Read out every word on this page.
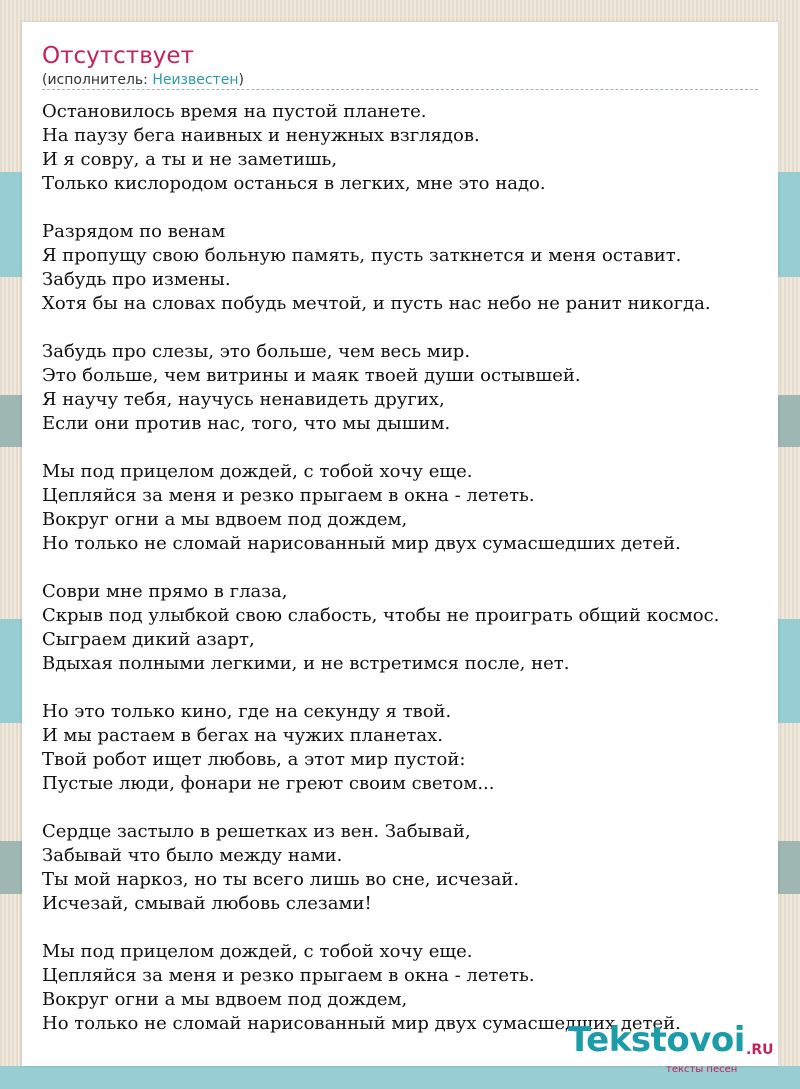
Отсутствует
(исполнитель: Неизвестен)
Остановилось время на пустой планете.
На паузу бега наивных и ненужных взглядов.
И я совру, а ты и не заметишь,
Только кислородом останься в легких, мне это надо.
Разрядом по венам
Я пропущу свою больную память, пусть заткнется и меня оставит.
Забудь про измены.
Хотя бы на словах побудь мечтой, и пусть нас небо не ранит никогда.
Забудь про слезы, это больше, чем весь мир.
Это больше, чем витрины и маяк твоей души остывшей.
Я научу тебя, научусь ненавидеть других,
Если они против нас, того, что мы дышим.
Мы под прицелом дождей, с тобой хочу еще.
Цепляйся за меня и резко прыгаем в окна - лететь.
Вокруг огни а мы вдвоем под дождем,
Но только не сломай нарисованный мир двух сумасшедших детей.
Соври мне прямо в глаза,
Скрыв под улыбкой свою слабость, чтобы не проиграть общий космос.
Сыграем дикий азарт,
Вдыхая полными легкими, и не встретимся после, нет.
Но это только кино, где на секунду я твой.
И мы растаем в бегах на чужих планетах.
Твой робот ищет любовь, а этот мир пустой:
Пустые люди, фонари не греют своим светом...
Сердце застыло в решетках из вен. Забывай,
Забывай что было между нами.
Ты мой наркоз, но ты всего лишь во сне, исчезай.
Исчезай, смывай любовь слезами!
Мы под прицелом дождей, с тобой хочу еще.
Цепляйся за меня и резко прыгаем в окна - лететь.
Вокруг огни а мы вдвоем под дождем,
Но только не сломай нарисованный мир двух сумасшедших детей.
Tekstovoi .RU
тексты песен
